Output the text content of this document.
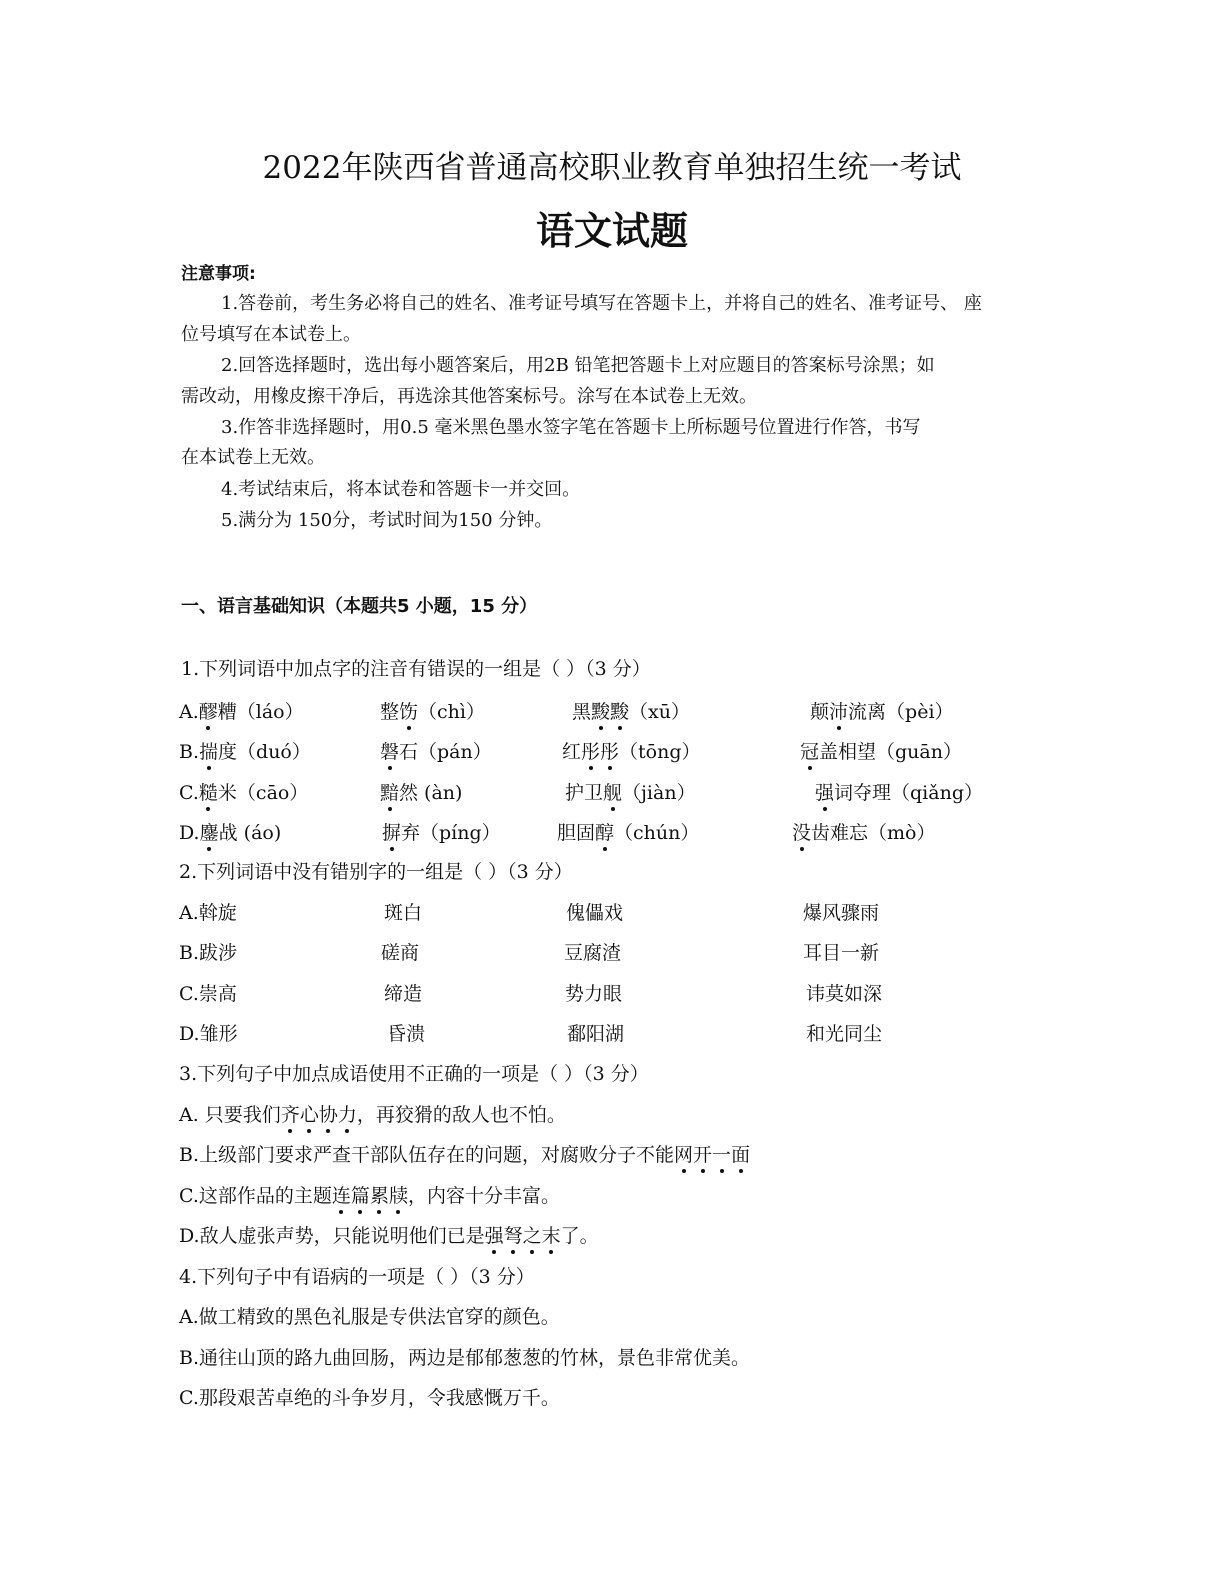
2022年陕西省普通高校职业教育单独招生统一考试
语文试题
注意事项:
1.答卷前，考生务必将自己的姓名、准考证号填写在答题卡上，并将自己的姓名、准考证号、 座
位号填写在本试卷上。
2.回答选择题时，选出每小题答案后，用2B 铅笔把答题卡上对应题目的答案标号涂黑；如
需改动，用橡皮擦干净后，再选涂其他答案标号。涂写在本试卷上无效。
3.作答非选择题时，用0.5 毫米黑色墨水签字笔在答题卡上所标题号位置进行作答，书写
在本试卷上无效。
4.考试结束后，将本试卷和答题卡一并交回。
5.满分为 150分，考试时间为150 分钟。
一、语言基础知识（本题共5 小题，15 分）
1.下列词语中加点字的注音有错误的一组是（ ）（3 分）
2.下列词语中没有错别字的一组是（ ）（3 分）
3.下列句子中加点成语使用不正确的一项是（ ）（3 分）
4.下列句子中有语病的一项是（ ）（3 分）
A.做工精致的黑色礼服是专供法官穿的颜色。
B.通往山顶的路九曲回肠，两边是郁郁葱葱的竹林，景色非常优美。
C.那段艰苦卓绝的斗争岁月，令我感慨万千。
A.醪糟（láo）	整饬（chì）	黑黢黢（xū）	颠沛流离（pèi）
B.揣度（duó）	磐石（pán）	红彤彤（tōng）	冠盖相望（guān）
C.糙米（cāo）	黯然 (àn)	护卫舰（jiàn）	强词夺理（qiǎng）
D.鏖战 (áo)	摒弃（píng）	胆固醇（chún）	没齿难忘（mò）
A.斡旋	斑白	傀儡戏	爆风骤雨
B.跋涉	磋商	豆腐渣	耳目一新
C.崇高	缔造	势力眼	讳莫如深
D.雏形	昏溃	鄱阳湖	和光同尘
A. 只要我们齐心协力，再狡猾的敌人也不怕。
B.上级部门要求严查干部队伍存在的问题，对腐败分子不能网开一面
C.这部作品的主题连篇累牍，内容十分丰富。
D.敌人虚张声势，只能说明他们已是强弩之末了。
